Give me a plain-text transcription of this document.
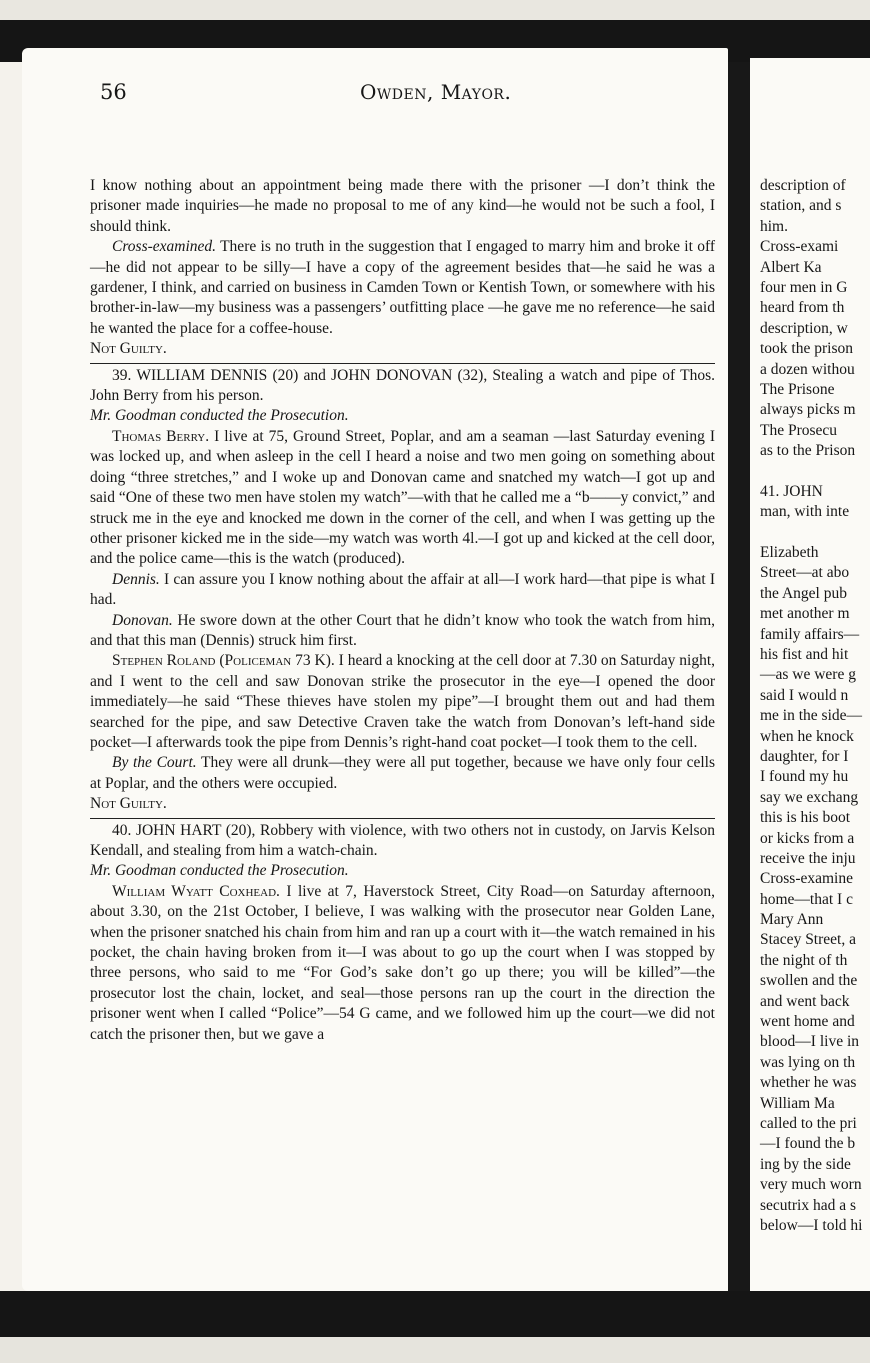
56	Owden, Mayor.

I know nothing about an appointment being made there with the prisoner —I don’t think the prisoner made inquiries—he made no proposal to me of any kind—he would not be such a fool, I should think.

Cross-examined. There is no truth in the suggestion that I engaged to marry him and broke it off—he did not appear to be silly—I have a copy of the agreement besides that—he said he was a gardener, I think, and carried on business in Camden Town or Kentish Town, or somewhere with his brother-in-law—my business was a passengers’ outfitting place —he gave me no reference—he said he wanted the place for a coffee-house.

Not Guilty.

39. WILLIAM DENNIS (20) and JOHN DONOVAN (32), Stealing a watch and pipe of Thos. John Berry from his person.

Mr. Goodman conducted the Prosecution.

Thomas Berry. I live at 75, Ground Street, Poplar, and am a seaman —last Saturday evening I was locked up, and when asleep in the cell I heard a noise and two men going on something about doing “three stretches,” and I woke up and Donovan came and snatched my watch—I got up and said “One of these two men have stolen my watch”—with that he called me a “b——y convict,” and struck me in the eye and knocked me down in the corner of the cell, and when I was getting up the other prisoner kicked me in the side—my watch was worth 4l.—I got up and kicked at the cell door, and the police came—this is the watch (produced).

Dennis. I can assure you I know nothing about the affair at all—I work hard—that pipe is what I had.

Donovan. He swore down at the other Court that he didn’t know who took the watch from him, and that this man (Dennis) struck him first.

Stephen Roland (Policeman 73 K). I heard a knocking at the cell door at 7.30 on Saturday night, and I went to the cell and saw Donovan strike the prosecutor in the eye—I opened the door immediately—he said “These thieves have stolen my pipe”—I brought them out and had them searched for the pipe, and saw Detective Craven take the watch from Donovan’s left-hand side pocket—I afterwards took the pipe from Dennis’s right-hand coat pocket—I took them to the cell.

By the Court. They were all drunk—they were all put together, because we have only four cells at Poplar, and the others were occupied.

Not Guilty.

40. JOHN HART (20), Robbery with violence, with two others not in custody, on Jarvis Kelson Kendall, and stealing from him a watch-chain.

Mr. Goodman conducted the Prosecution.

William Wyatt Coxhead. I live at 7, Haverstock Street, City Road—on Saturday afternoon, about 3.30, on the 21st October, I believe, I was walking with the prosecutor near Golden Lane, when the prisoner snatched his chain from him and ran up a court with it—the watch remained in his pocket, the chain having broken from it—I was about to go up the court when I was stopped by three persons, who said to me “For God’s sake don’t go up there; you will be killed”—the prosecutor lost the chain, locket, and seal—those persons ran up the court in the direction the prisoner went when I called “Police”—54 G came, and we followed him up the court—we did not catch the prisoner then, but we gave a

description of
station, and s
him.
Cross-exami
Albert Ka
four men in G
heard from th
description, w
took the prison
a dozen withou
The Prisone
always picks m
The Prosecu
as to the Prison
41. JOHN
man, with inte
Elizabeth
Street—at abo
the Angel pub
met another m
family affairs—
his fist and hit
—as we were g
said I would n
me in the side—
when he knock
daughter, for I
I found my hu
say we exchang
this is his boot
or kicks from a
receive the inju
Cross-examine
home—that I c
Mary Ann
Stacey Street, a
the night of th
swollen and the
and went back
went home and
blood—I live in
was lying on th
whether he was
William Ma
called to the pri
—I found the b
ing by the side
very much worn
secutrix had a s
below—I told hi
